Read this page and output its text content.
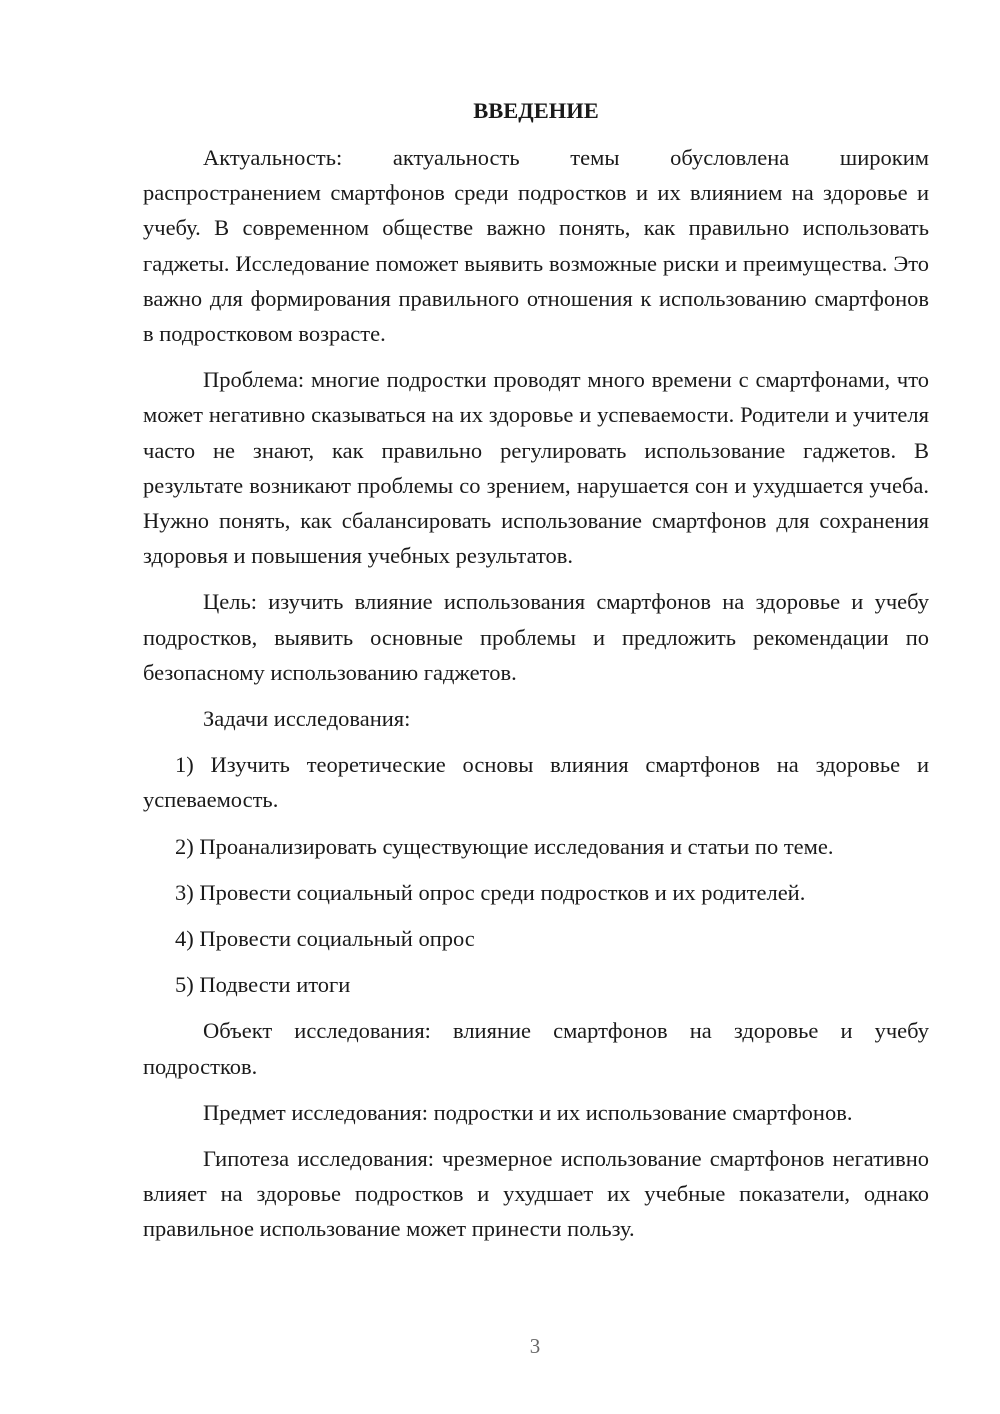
ВВЕДЕНИЕ

Актуальность: актуальность темы обусловлена широким распространением смартфонов среди подростков и их влиянием на здоровье и учебу. В современном обществе важно понять, как правильно использовать гаджеты. Исследование поможет выявить возможные риски и преимущества. Это важно для формирования правильного отношения к использованию смартфонов в подростковом возрасте.

Проблема: многие подростки проводят много времени с смартфонами, что может негативно сказываться на их здоровье и успеваемости. Родители и учителя часто не знают, как правильно регулировать использование гаджетов. В результате возникают проблемы со зрением, нарушается сон и ухудшается учеба. Нужно понять, как сбалансировать использование смартфонов для сохранения здоровья и повышения учебных результатов.

Цель: изучить влияние использования смартфонов на здоровье и учебу подростков, выявить основные проблемы и предложить рекомендации по безопасному использованию гаджетов.

Задачи исследования:

1) Изучить теоретические основы влияния смартфонов на здоровье и успеваемость.

2) Проанализировать существующие исследования и статьи по теме.

3) Провести социальный опрос среди подростков и их родителей.

4) Провести социальный опрос

5) Подвести итоги

Объект исследования: влияние смартфонов на здоровье и учебу подростков.

Предмет исследования: подростки и их использование смартфонов.

Гипотеза исследования: чрезмерное использование смартфонов негативно влияет на здоровье подростков и ухудшает их учебные показатели, однако правильное использование может принести пользу.

3
